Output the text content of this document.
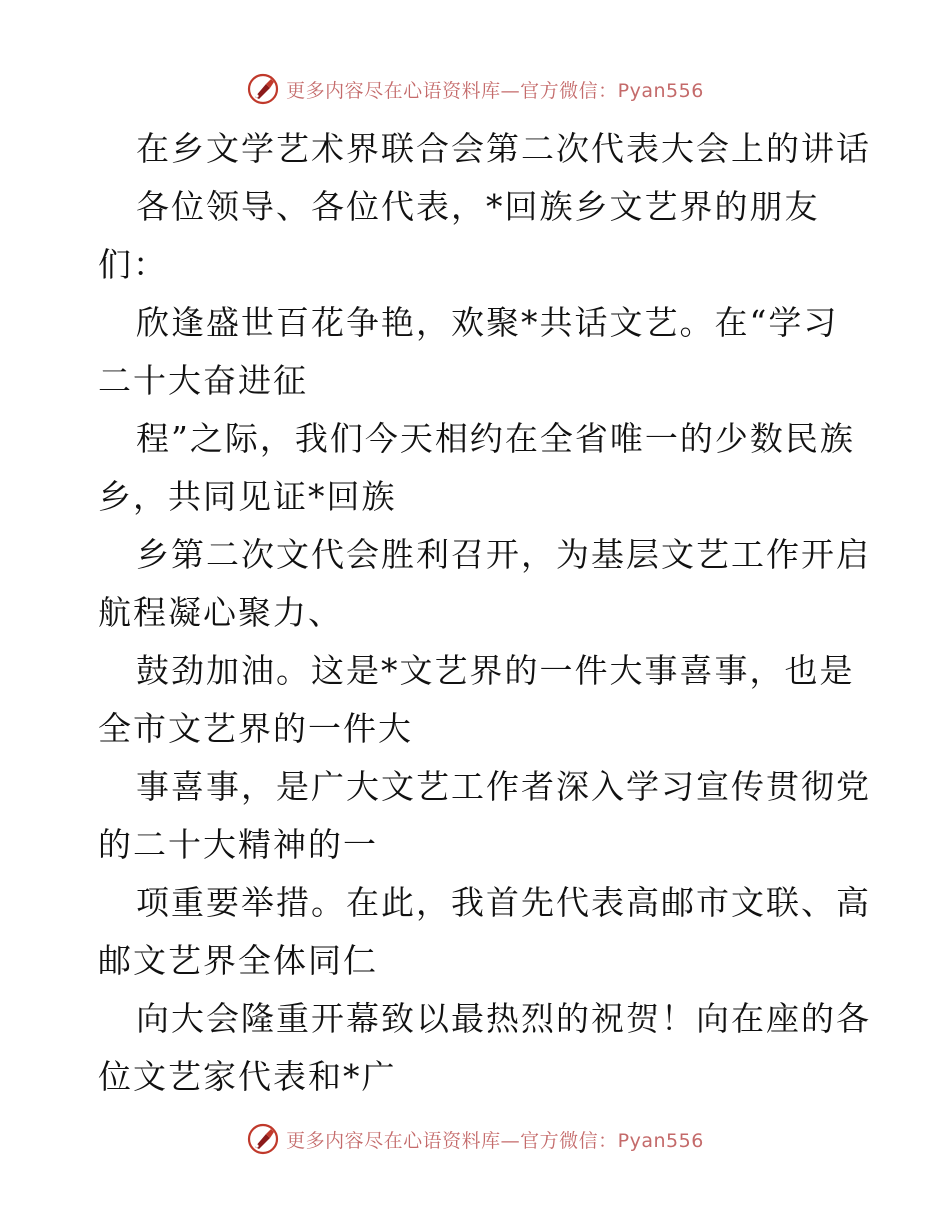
更多内容尽在心语资料库—官方微信：Pyan556
在乡文学艺术界联合会第二次代表大会上的讲话
各位领导、各位代表，*回族乡文艺界的朋友
们：
欣逢盛世百花争艳，欢聚*共话文艺。在“学习
二十大奋进征
程”之际，我们今天相约在全省唯一的少数民族
乡，共同见证*回族
乡第二次文代会胜利召开，为基层文艺工作开启
航程凝心聚力、
鼓劲加油。这是*文艺界的一件大事喜事，也是
全市文艺界的一件大
事喜事，是广大文艺工作者深入学习宣传贯彻党
的二十大精神的一
项重要举措。在此，我首先代表高邮市文联、高
邮文艺界全体同仁
向大会隆重开幕致以最热烈的祝贺！向在座的各
位文艺家代表和*广
更多内容尽在心语资料库—官方微信：Pyan556
